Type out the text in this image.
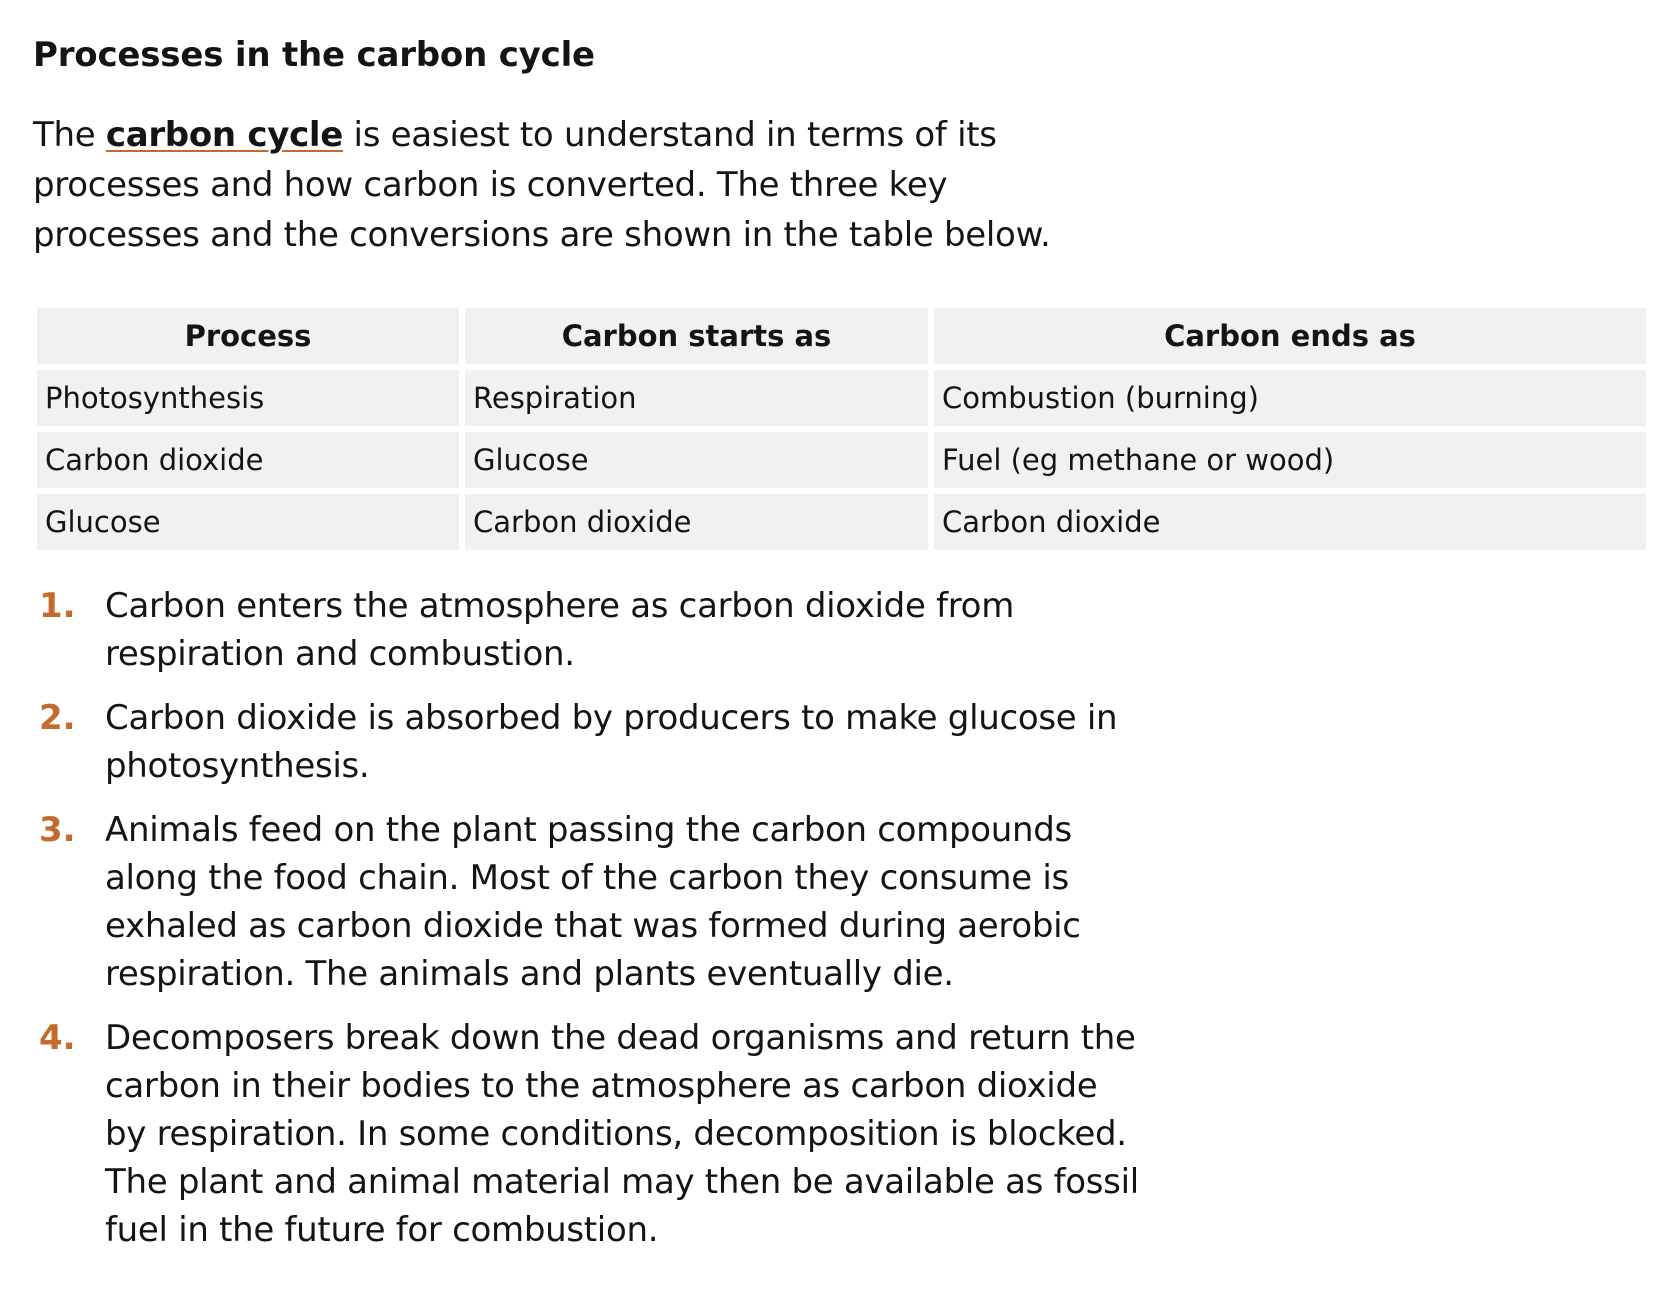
Processes in the carbon cycle

The carbon cycle is easiest to understand in terms of its processes and how carbon is converted. The three key processes and the conversions are shown in the table below.

Process	Carbon starts as	Carbon ends as
Photosynthesis	Respiration	Combustion (burning)
Carbon dioxide	Glucose	Fuel (eg methane or wood)
Glucose	Carbon dioxide	Carbon dioxide
1. Carbon enters the atmosphere as carbon dioxide from respiration and combustion.
2. Carbon dioxide is absorbed by producers to make glucose in photosynthesis.
3. Animals feed on the plant passing the carbon compounds along the food chain. Most of the carbon they consume is exhaled as carbon dioxide that was formed during aerobic respiration. The animals and plants eventually die.
4. Decomposers break down the dead organisms and return the carbon in their bodies to the atmosphere as carbon dioxide by respiration. In some conditions, decomposition is blocked. The plant and animal material may then be available as fossil fuel in the future for combustion.
